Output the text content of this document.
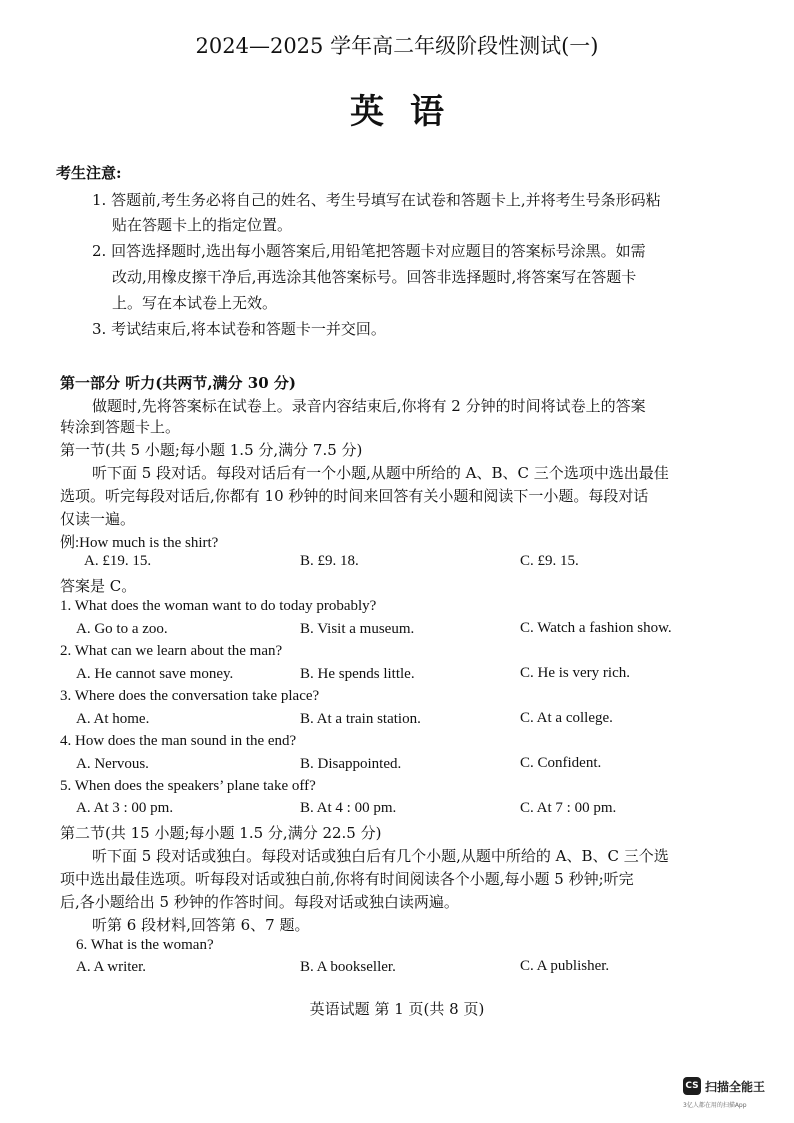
2024—2025 学年高二年级阶段性测试(一)
英语
考生注意:
1. 答题前,考生务必将自己的姓名、考生号填写在试卷和答题卡上,并将考生号条形码粘
贴在答题卡上的指定位置。
2. 回答选择题时,选出每小题答案后,用铅笔把答题卡对应题目的答案标号涂黑。如需
改动,用橡皮擦干净后,再选涂其他答案标号。回答非选择题时,将答案写在答题卡
上。写在本试卷上无效。
3. 考试结束后,将本试卷和答题卡一并交回。
第一部分 听力(共两节,满分 30 分)
做题时,先将答案标在试卷上。录音内容结束后,你将有 2 分钟的时间将试卷上的答案
转涂到答题卡上。
第一节(共 5 小题;每小题 1.5 分,满分 7.5 分)
听下面 5 段对话。每段对话后有一个小题,从题中所给的 A、B、C 三个选项中选出最佳
选项。听完每段对话后,你都有 10 秒钟的时间来回答有关小题和阅读下一小题。每段对话
仅读一遍。
例:How much is the shirt?
A. £19. 15.	B. £9. 18.	C. £9. 15.
答案是 C。
1. What does the woman want to do today probably?
A. Go to a zoo.	B. Visit a museum.	C. Watch a fashion show.
2. What can we learn about the man?
A. He cannot save money.	B. He spends little.	C. He is very rich.
3. Where does the conversation take place?
A. At home.	B. At a train station.	C. At a college.
4. How does the man sound in the end?
A. Nervous.	B. Disappointed.	C. Confident.
5. When does the speakers’ plane take off?
A. At 3 : 00 pm.	B. At 4 : 00 pm.	C. At 7 : 00 pm.
第二节(共 15 小题;每小题 1.5 分,满分 22.5 分)
听下面 5 段对话或独白。每段对话或独白后有几个小题,从题中所给的 A、B、C 三个选
项中选出最佳选项。听每段对话或独白前,你将有时间阅读各个小题,每小题 5 秒钟;听完
后,各小题给出 5 秒钟的作答时间。每段对话或独白读两遍。
听第 6 段材料,回答第 6、7 题。
6. What is the woman?
A. A writer.	B. A bookseller.	C. A publisher.
英语试题 第 1 页(共 8 页)
CS 扫描全能王
3亿人都在用的扫描App
